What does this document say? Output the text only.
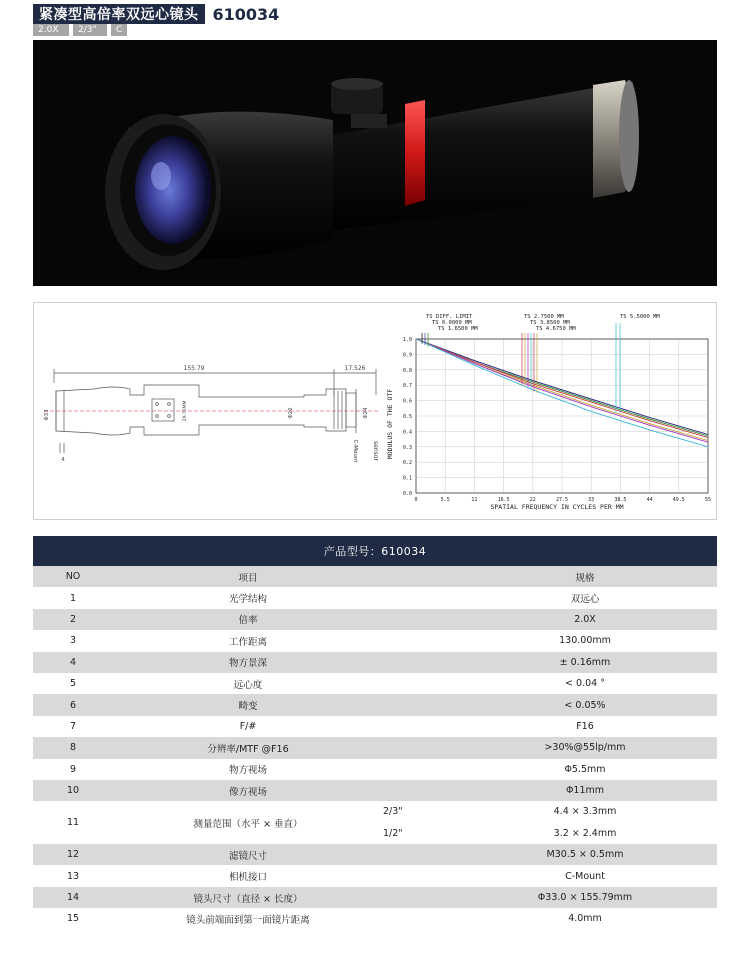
紧凑型高倍率双远心镜头 610034
2.0X	2/3"	C
155.79	17.526
Φ33	Φ26	Φ24
4
2X-70MM
C-Mount sensor
1.0
0.9
0.8
0.7
0.6
0.5
0.4
0.3
0.2
0.1
0.0
0	5.5	11	16.5	22	27.5	33	38.5	44	49.5	55
MODULUS OF THE OTF
SPATIAL FREQUENCY IN CYCLES PER MM
TS DIFF. LIMIT
TS 0.0000 MM
TS 1.6500 MM
TS 2.7500 MM
TS 3.8500 MM
TS 4.6750 MM
TS 5.5000 MM
产品型号：610034
NO	项目		规格
1	光学结构		双远心
2	倍率		2.0X
3	工作距离		130.00mm
4	物方景深		± 0.16mm
5	远心度		< 0.04 °
6	畸变		< 0.05%
7	F/#		F16
8	分辨率/MTF @F16		>30%@55lp/mm
9	物方视场		Φ5.5mm
10	像方视场		Φ11mm
11	测量范围（水平 × 垂直）	2/3"	4.4 × 3.3mm
		1/2"	3.2 × 2.4mm
12	滤镜尺寸		M30.5 × 0.5mm
13	相机接口		C-Mount
14	镜头尺寸（直径 × 长度）		Φ33.0 × 155.79mm
15	镜头前端面到第一面镜片距离		4.0mm
